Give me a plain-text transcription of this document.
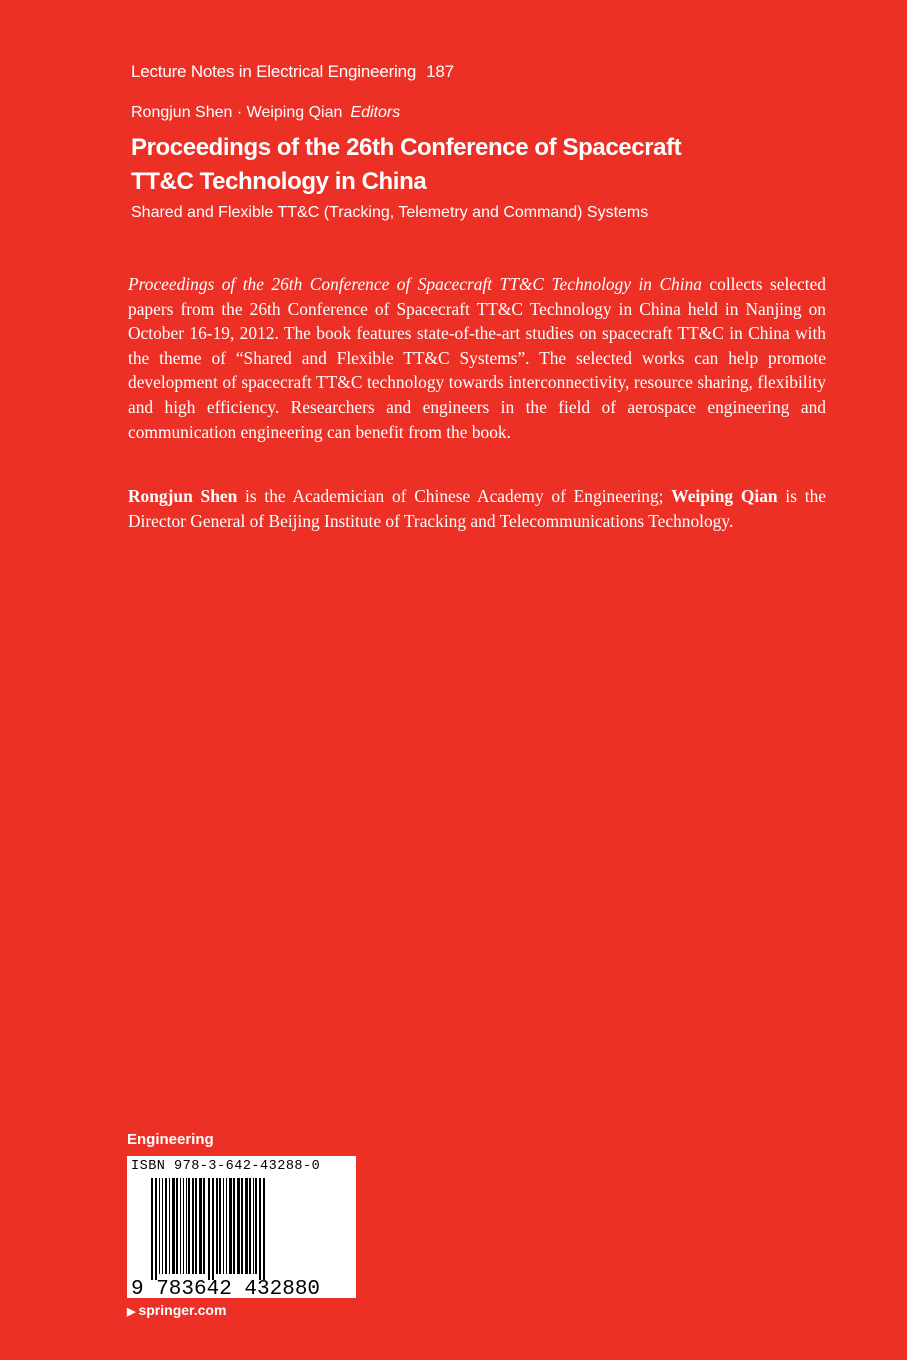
Lecture Notes in Electrical Engineering 187
Rongjun Shen · Weiping Qian Editors
Proceedings of the 26th Conference of Spacecraft
TT&C Technology in China
Shared and Flexible TT&C (Tracking, Telemetry and Command) Systems
Proceedings of the 26th Conference of Spacecraft TT&C Technology in China collects selected papers from the 26th Conference of Spacecraft TT&C Technology in China held in Nanjing on October 16-19, 2012. The book features state-of-the-art studies on spacecraft TT&C in China with the theme of “Shared and Flexible TT&C Systems”. The selected works can help promote development of spacecraft TT&C technology towards interconnectivity, resource sharing, flexibility and high efficiency. Researchers and engineers in the field of aerospace engineering and communication engineering can benefit from the book.
Rongjun Shen is the Academician of Chinese Academy of Engineering; Weiping Qian is the Director General of Beijing Institute of Tracking and Telecommunications Technology.
Engineering
9 783642 432880
ISBN 978-3-642-43288-0
▶ springer.com
